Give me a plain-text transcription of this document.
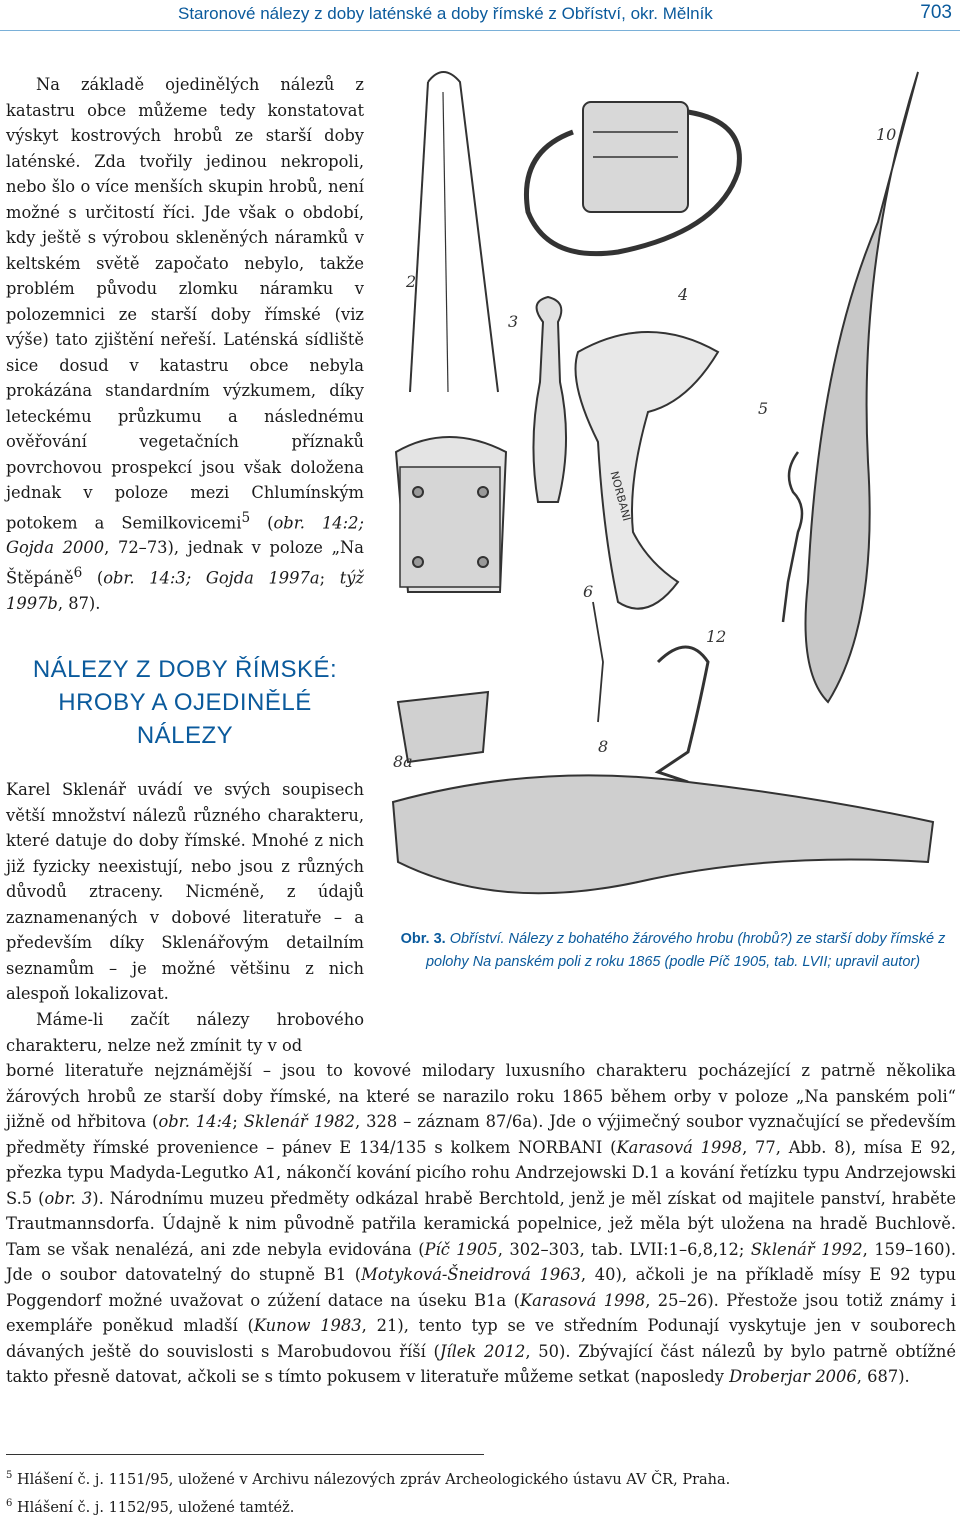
Staronové nálezy z doby laténské a doby římské z Obříství, okr. Mělník	703

Na základě ojedinělých nálezů z katastru obce můžeme tedy konstatovat výskyt kostrových hrobů ze starší doby laténské. Zda tvořily jedinou nekropoli, nebo šlo o více menších skupin hrobů, není možné s určitostí říci. Jde však o období, kdy ještě s výrobou skleněných náramků v keltském světě započato nebylo, takže problém původu zlomku náramku v polozemnici ze starší doby římské (viz výše) tato zjištění neřeší. Laténská sídliště sice dosud v katastru obce nebyla prokázána standardním výzkumem, díky leteckému průzkumu a následnému ověřování vegetačních příznaků povrchovou prospekcí jsou však doložena jednak v poloze mezi Chlumínským potokem a Semilkovicemi$^5$ (obr. 14:2; Gojda 2000, 72–73), jednak v poloze „Na Štěpáně$^6$ (obr. 14:3; Gojda 1997a; týž 1997b, 87).

NÁLEZY Z DOBY ŘÍMSKÉ:
HROBY A OJEDINĚLÉ
NÁLEZY

Karel Sklenář uvádí ve svých soupisech větší množství nálezů různého charakteru, které datuje do doby římské. Mnohé z nich již fyzicky neexistují, nebo jsou z různých důvodů ztraceny. Nicméně, z údajů zaznamenaných v dobové literatuře – a především díky Sklenářovým detailním seznamům – je možné většinu z nich alespoň lokalizovat.

Máme-li začít nálezy hrobového charakteru, nelze než zmínit ty v od

borné literatuře nejznámější – jsou to kovové milodary luxusního charakteru pocházející z patrně několika žárových hrobů ze starší doby římské, na které se narazilo roku 1865 během orby v poloze „Na panském poli“ jižně od hřbitova (obr. 14:4; Sklenář 1982, 328 – záznam 87/6a). Jde o výjimečný soubor vyznačující se především předměty římské provenience – pánev E 134/135 s kolkem NORBANI (Karasová 1998, 77, Abb. 8), mísa E 92, přezka typu Madyda-Legutko A1, nákončí kování picího rohu Andrzejowski D.1 a kování řetízku typu Andrzejowski S.5 (obr. 3). Národnímu muzeu předměty odkázal hrabě Berchtold, jenž je měl získat od majitele panství, hraběte Trautmannsdorfa. Údajně k nim původně patřila keramická popelnice, jež měla být uložena na hradě Buchlově. Tam se však nenalézá, ani zde nebyla evidována (Píč 1905, 302–303, tab. LVII:1–6,8,12; Sklenář 1992, 159–160). Jde o soubor datovatelný do stupně B1 (Motyková-Šneidrová 1963, 40), ačkoli je na příkladě mísy E 92 typu Poggendorf možné uvažovat o zúžení datace na úseku B1a (Karasová 1998, 25–26). Přestože jsou totiž známy i exempláře poněkud mladší (Kunow 1983, 21), tento typ se ve středním Podunají vyskytuje jen v souborech dávaných ještě do souvislosti s Marobudovou říší (Jílek 2012, 50). Zbývající část nálezů by bylo patrně obtížné takto přesně datovat, ačkoli se s tímto pokusem v literatuře můžeme setkat (naposledy Droberjar 2006, 687).

NORBANI
2
3
4
5
6
8
8a
10
12
Obr. 3. Obříství. Nálezy z bohatého žárového hrobu (hrobů?) ze starší doby římské z polohy Na panském poli z roku 1865 (podle Píč 1905, tab. LVII; upravil autor)
$^5$ Hlášení č. j. 1151/95, uložené v Archivu nálezových zpráv Archeologického ústavu AV ČR, Praha.
$^6$ Hlášení č. j. 1152/95, uložené tamtéž.
